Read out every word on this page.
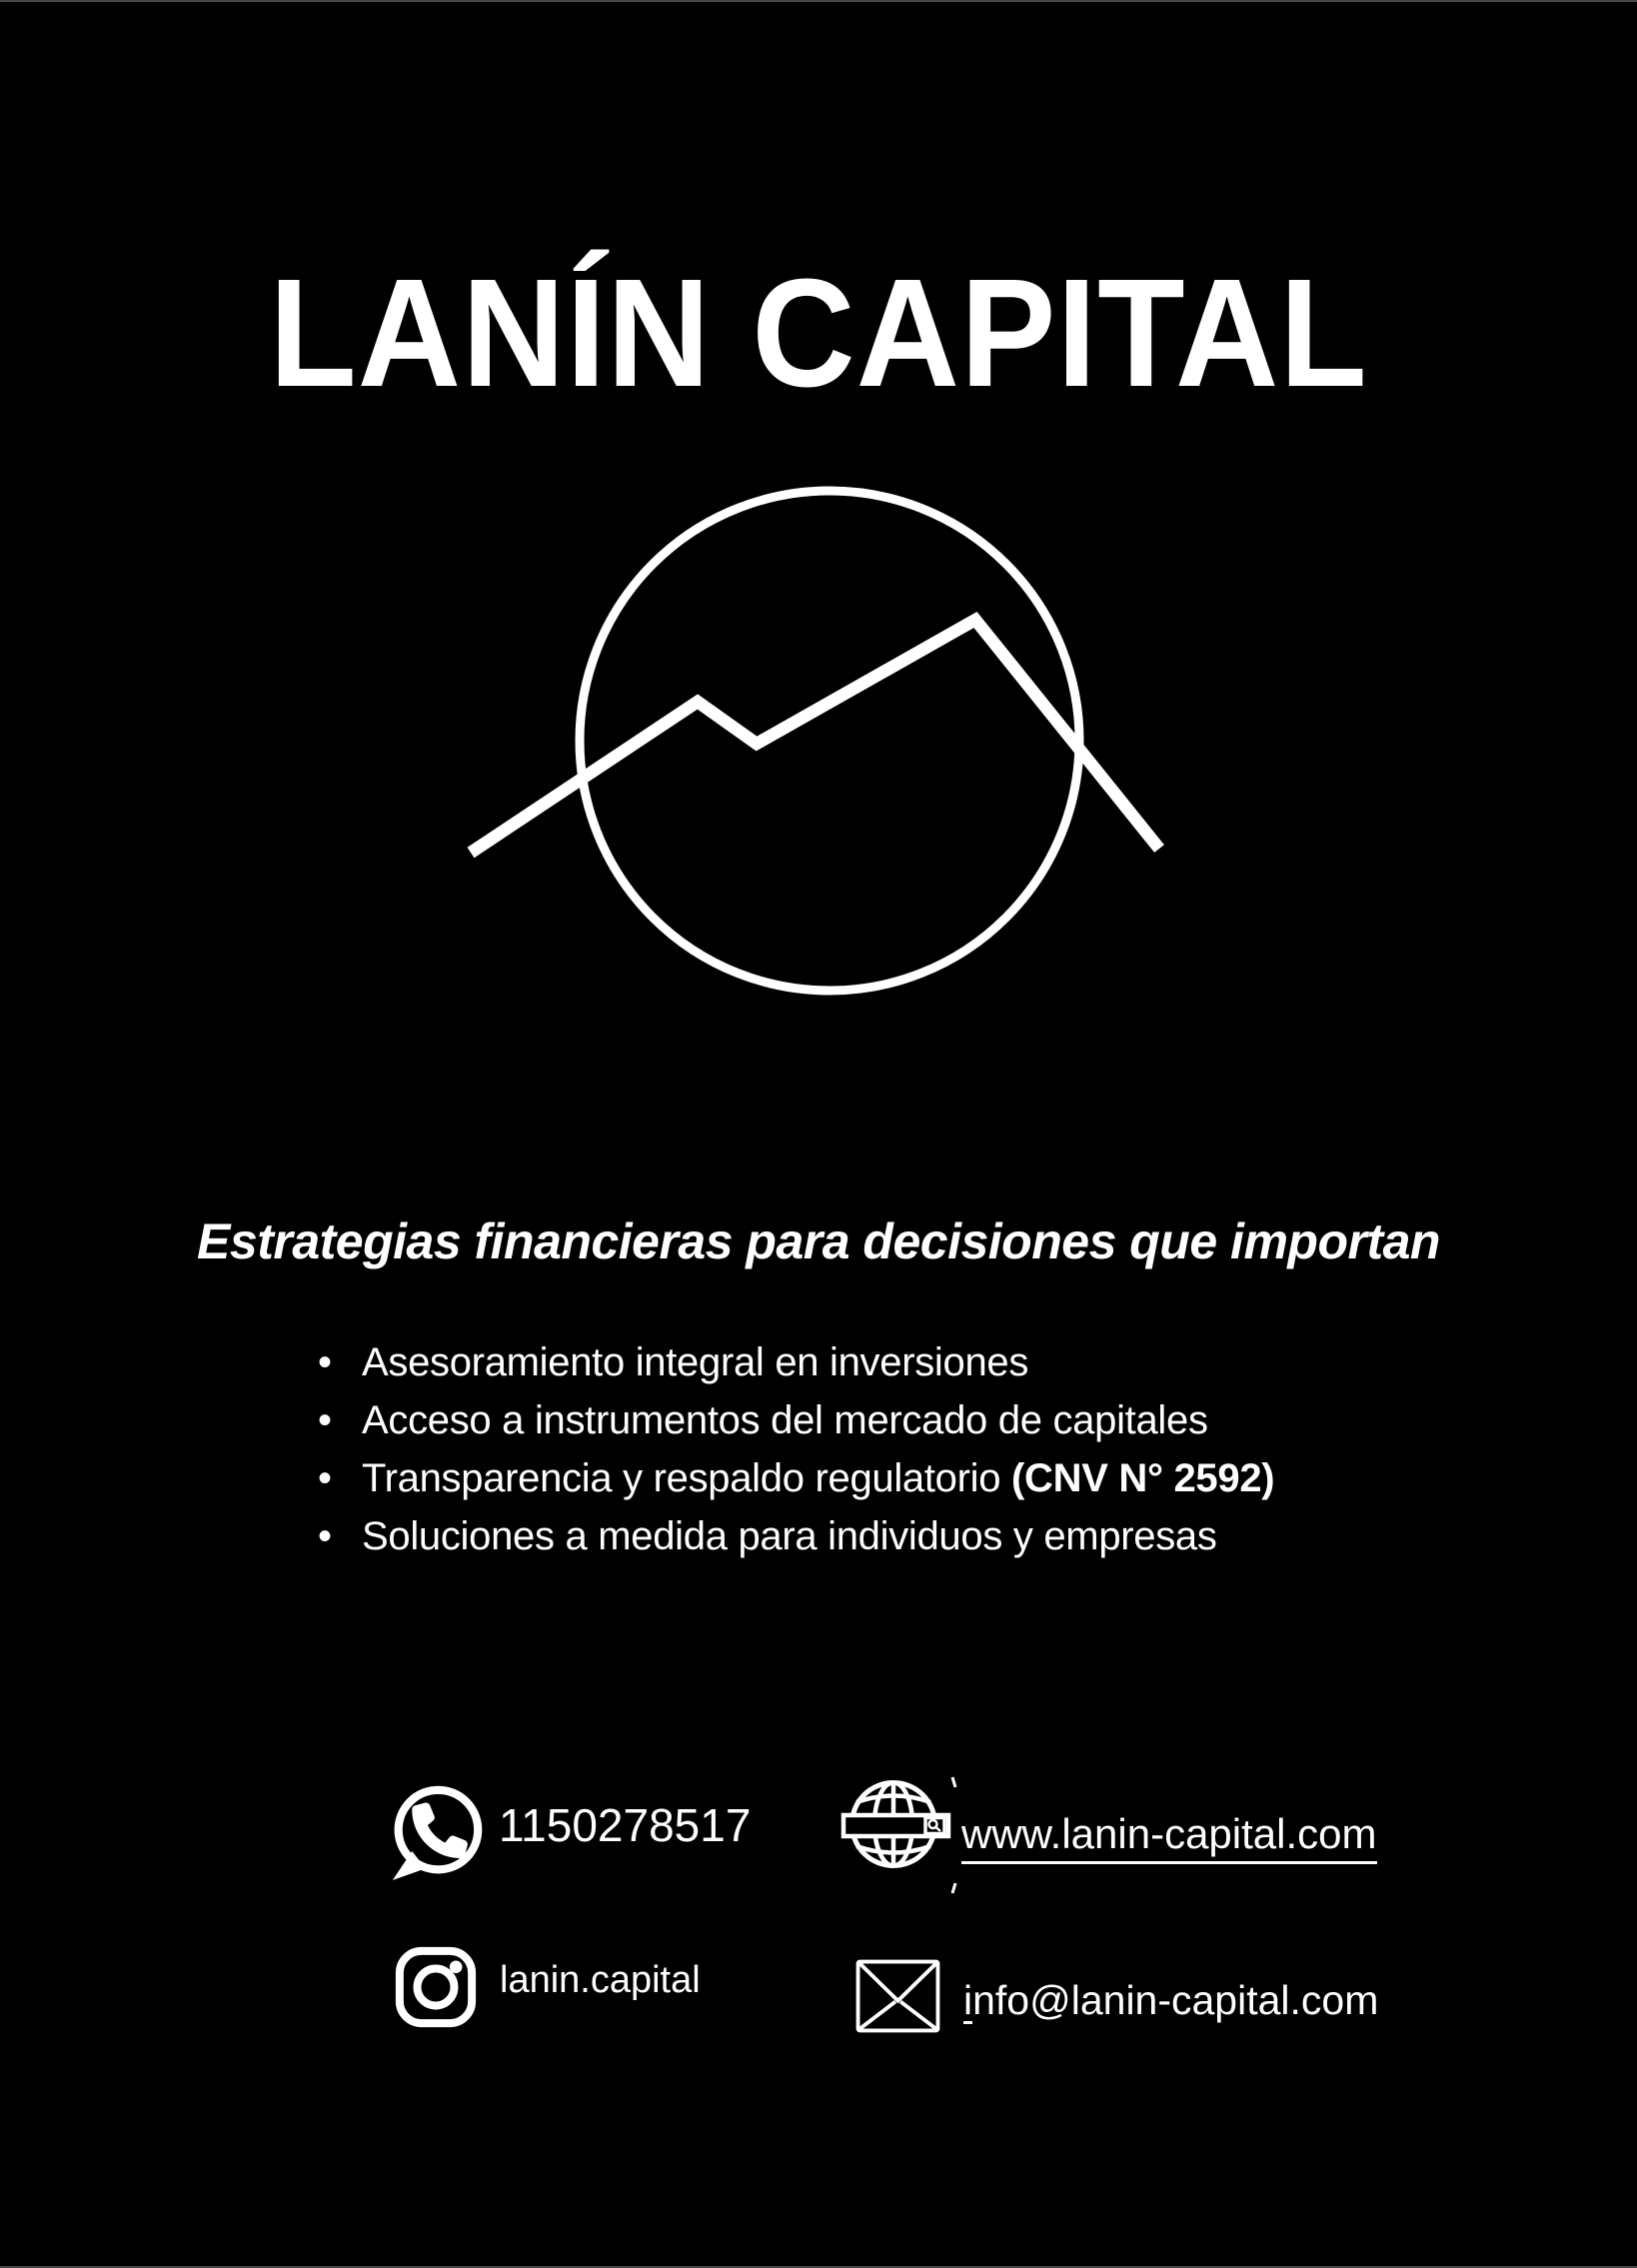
LANÍN CAPITAL

Estrategias financieras para decisiones que importan

• Asesoramiento integral en inversiones
• Acceso a instrumentos del mercado de capitales
• Transparencia y respaldo regulatorio (CNV N° 2592)
• Soluciones a medida para individuos y empresas

1150278517	www.lanin-capital.com

lanin.capital	info@lanin-capital.com
